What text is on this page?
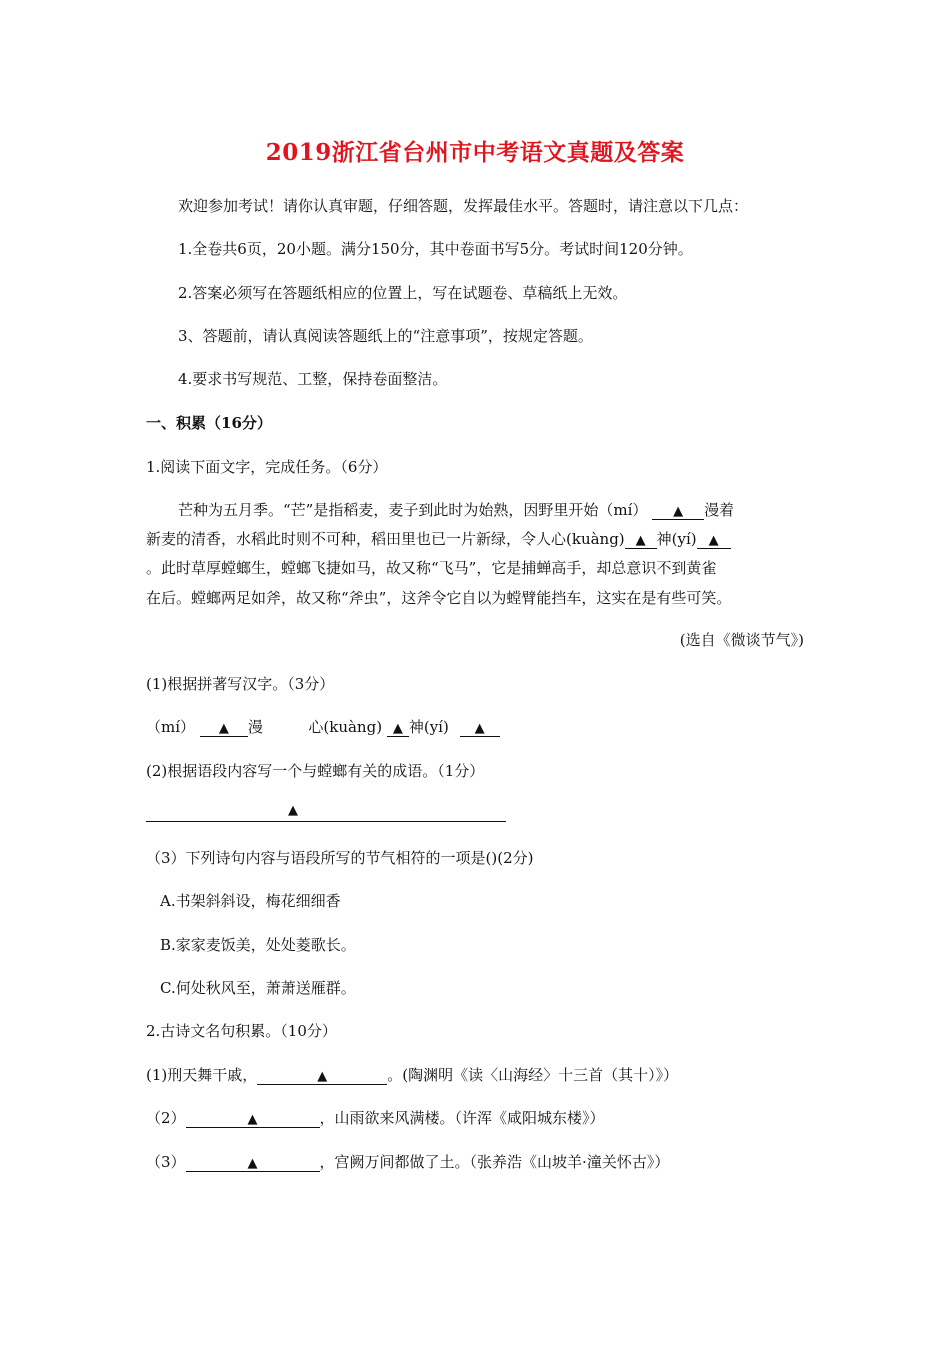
2019浙江省台州市中考语文真题及答案
欢迎参加考试！请你认真审题，仔细答题，发挥最佳水平。答题时，请注意以下几点：
1.全卷共6页，20小题。满分150分，其中卷面书写5分。考试时间120分钟。
2.答案必须写在答题纸相应的位置上，写在试题卷、草稿纸上无效。
3、答题前，请认真阅读答题纸上的“注意事项”，按规定答题。
4.要求书写规范、工整，保持卷面整洁。
一、积累（16分）
1.阅读下面文字，完成任务。（6分）
芒种为五月季。“芒”是指稻麦，麦子到此时为始熟，因野里开始（mí） ▲ 漫着
新麦的清香，水稻此时则不可种，稻田里也已一片新绿，令人心(kuàng) ▲ 神(yí) ▲
。此时草厚螳螂生，螳螂飞捷如马，故又称“飞马”，它是捕蝉高手，却总意识不到黄雀
在后。螳螂两足如斧，故又称“斧虫”，这斧令它自以为螳臂能挡车，这实在是有些可笑。
(选自《微谈节气》)
(1)根据拼著写汉字。（3分）
（mí） ▲ 漫	心(kuàng) ▲ 神(yí) ▲
(2)根据语段内容写一个与螳螂有关的成语。（1分）
▲
（3）下列诗句内容与语段所写的节气相符的一项是()(2分)
A.书架斜斜设，梅花细细香
B.家家麦饭美，处处菱歌长。
C.何处秋风至，萧萧送雁群。
2.古诗文名句积累。（10分）
(1)刑天舞干戚，	▲	。(陶渊明《读〈山海经〉十三首（其十）》）
（2）	▲	，山雨欲来风满楼。（许浑《咸阳城东楼》）
（3）	▲	，宫阙万间都做了土。（张养浩《山坡羊·潼关怀古》）
